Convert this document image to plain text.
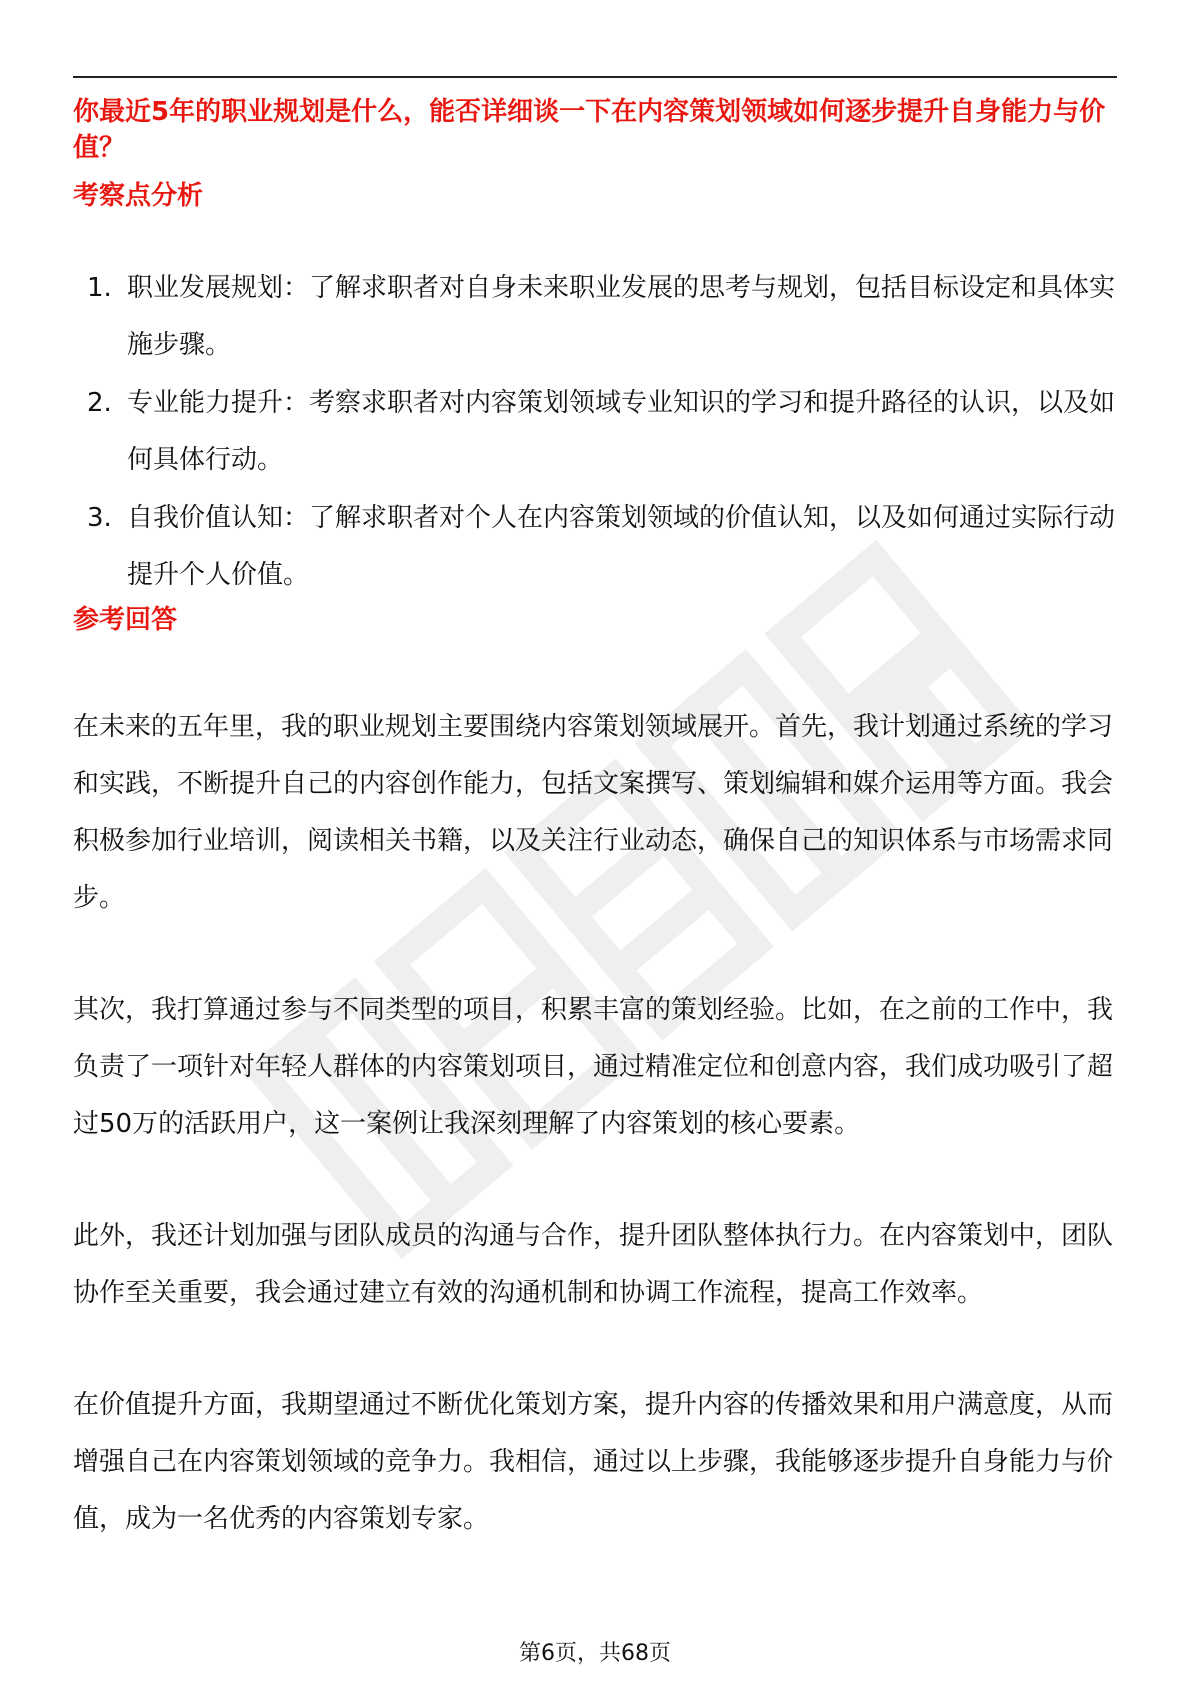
你最近5年的职业规划是什么，能否详细谈一下在内容策划领域如何逐步提升自身能力与价值？
考察点分析
1. 职业发展规划：了解求职者对自身未来职业发展的思考与规划，包括目标设定和具体实施步骤。
2. 专业能力提升：考察求职者对内容策划领域专业知识的学习和提升路径的认识，以及如何具体行动。
3. 自我价值认知：了解求职者对个人在内容策划领域的价值认知，以及如何通过实际行动提升个人价值。
参考回答

在未来的五年里，我的职业规划主要围绕内容策划领域展开。首先，我计划通过系统的学习和实践，不断提升自己的内容创作能力，包括文案撰写、策划编辑和媒介运用等方面。我会积极参加行业培训，阅读相关书籍，以及关注行业动态，确保自己的知识体系与市场需求同步。

其次，我打算通过参与不同类型的项目，积累丰富的策划经验。比如，在之前的工作中，我负责了一项针对年轻人群体的内容策划项目，通过精准定位和创意内容，我们成功吸引了超过50万的活跃用户，这一案例让我深刻理解了内容策划的核心要素。

此外，我还计划加强与团队成员的沟通与合作，提升团队整体执行力。在内容策划中，团队协作至关重要，我会通过建立有效的沟通机制和协调工作流程，提高工作效率。

在价值提升方面，我期望通过不断优化策划方案，提升内容的传播效果和用户满意度，从而增强自己在内容策划领域的竞争力。我相信，通过以上步骤，我能够逐步提升自身能力与价值，成为一名优秀的内容策划专家。

第6页，共68页
